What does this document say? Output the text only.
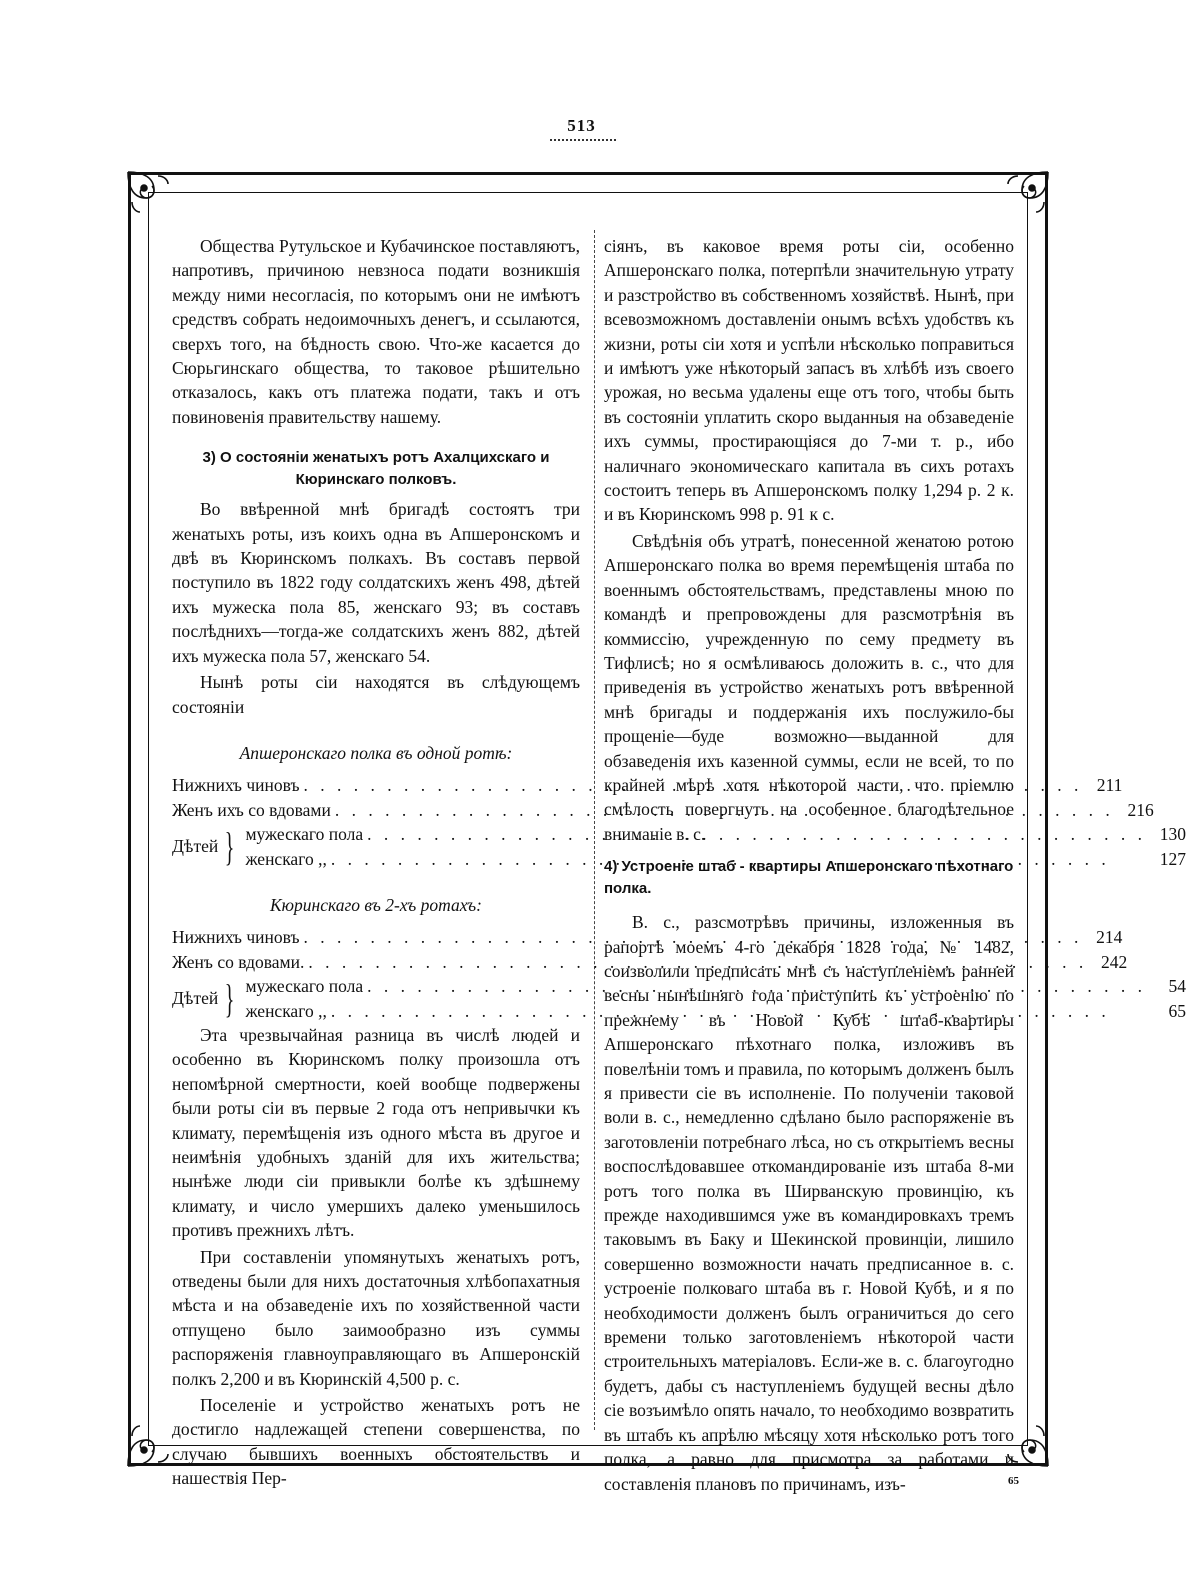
513

Общества Рутульское и Кубачинское поставляютъ, напротивъ, причиною невзноса подати возникшія между ними несогласія, по которымъ они не имѣютъ средствъ собрать недоимочныхъ денегъ, и ссылаются, сверхъ того, на бѣдность свою. Что-же касается до Сюрьгинскаго общества, то таковое рѣшительно отказалось, какъ отъ платежа подати, такъ и отъ повиновенія правительству нашему.

3) О состояніи женатыхъ ротъ Ахалцихскаго и Кюринскаго полковъ.

Во ввѣренной мнѣ бригадѣ состоятъ три женатыхъ роты, изъ коихъ одна въ Апшеронскомъ и двѣ въ Кюринскомъ полкахъ. Въ составъ первой поступило въ 1822 году солдатскихъ женъ 498, дѣтей ихъ мужеска пола 85, женскаго 93; въ составъ послѣднихъ—тогда-же солдатскихъ женъ 882, дѣтей ихъ мужеска пола 57, женскаго 54.

Нынѣ роты сіи находятся въ слѣдующемъ состояніи

Апшеронскаго полка въ одной ротѣ:

Нижнихъ чиновъ . . .	211
Женъ ихъ со вдовами . . .	216
Дѣтей } мужескаго пола . . .	130
женскаго ,, . . .	127

Кюринскаго въ 2-хъ ротахъ:

Нижнихъ чиновъ . . .	214
Женъ со вдовами. . . .	242
Дѣтей } мужескаго пола . . .	54
женскаго ,, . . .	65

Эта чрезвычайная разница въ числѣ людей и особенно въ Кюринскомъ полку произошла отъ непомѣрной смертности, коей вообще подвержены были роты сіи въ первые 2 года отъ непривычки къ климату, перемѣщенія изъ одного мѣста въ другое и неимѣнія удобныхъ зданій для ихъ жительства; нынѣже люди сіи привыкли болѣе къ здѣшнему климату, и число умершихъ далеко уменьшилось противъ прежнихъ лѣтъ.

При составленіи упомянутыхъ женатыхъ ротъ, отведены были для нихъ достаточныя хлѣбопахатныя мѣста и на обзаведеніе ихъ по хозяйственной части отпущено было заимообразно изъ суммы распоряженія главноуправляющаго въ Апшеронскій полкъ 2,200 и въ Кюринскій 4,500 р. с.

Поселеніе и устройство женатыхъ ротъ не достигло надлежащей степени совершенства, по случаю бывшихъ военныхъ обстоятельствъ и нашествія Пер-

сіянъ, въ каковое время роты сіи, особенно Апшеронскаго полка, потерпѣли значительную утрату и разстройство въ собственномъ хозяйствѣ. Нынѣ, при всевозможномъ доставленіи онымъ всѣхъ удобствъ къ жизни, роты сіи хотя и успѣли нѣсколько поправиться и имѣютъ уже нѣкоторый запасъ въ хлѣбѣ изъ своего урожая, но весьма удалены еще отъ того, чтобы быть въ состояніи уплатить скоро выданныя на обзаведеніе ихъ суммы, простирающіяся до 7-ми т. р., ибо наличнаго экономическаго капитала въ сихъ ротахъ состоитъ теперь въ Апшеронскомъ полку 1,294 р. 2 к. и въ Кюринскомъ 998 р. 91 к с.

Свѣдѣнія объ утратѣ, понесенной женатою ротою Апшеронскаго полка во время перемѣщенія штаба по военнымъ обстоятельствамъ, представлены мною по командѣ и препровождены для разсмотрѣнія въ коммиссію, учрежденную по сему предмету въ Тифлисѣ; но я осмѣливаюсь доложить в. с., что для приведенія въ устройство женатыхъ ротъ ввѣренной мнѣ бригады и поддержанія ихъ послужило-бы прощеніе—буде возможно—выданной для обзаведенія ихъ казенной суммы, если не всей, то по крайней мѣрѣ хотя нѣкоторой части, что пріемлю смѣлость повергнуть на особенное благодѣтельное вниманіе в. с.

4) Устроеніе штаб - квартиры Апшеронскаго пѣхотнаго полка.

В. с., разсмотрѣвъ причины, изложенныя въ рапортѣ моемъ 4-го декабря 1828 года, № 1482, соизволили предписать мнѣ съ наступленіемъ ранней весны нынѣшняго года приступить къ устроенію по прежнему въ Новой Кубѣ штаб-квартиры Апшеронскаго пѣхотнаго полка, изложивъ въ повелѣніи томъ и правила, по которымъ долженъ былъ я привести сіе въ исполненіе. По полученіи таковой воли в. с., немедленно сдѣлано было распоряженіе въ заготовленіи потребнаго лѣса, но съ открытіемъ весны воспослѣдовавшее откомандированіе изъ штаба 8-ми ротъ того полка въ Ширванскую провинцію, къ прежде находившимся уже въ командировкахъ тремъ таковымъ въ Баку и Шекинской провинціи, лишило совершенно возможности начать предписанное в. с. устроеніе полковаго штаба въ г. Новой Кубѣ, и я по необходимости долженъ былъ ограничиться до сего времени только заготовленіемъ нѣкоторой части строительныхъ матеріаловъ. Если-же в. с. благоугодно будетъ, дабы съ наступленіемъ будущей весны дѣло сіе возъимѣло опять начало, то необходимо возвратить въ штабъ къ апрѣлю мѣсяцу хотя нѣсколько ротъ того полка, а равно для присмотра за работами и составленія плановъ по причинамъ, изъ-	65
